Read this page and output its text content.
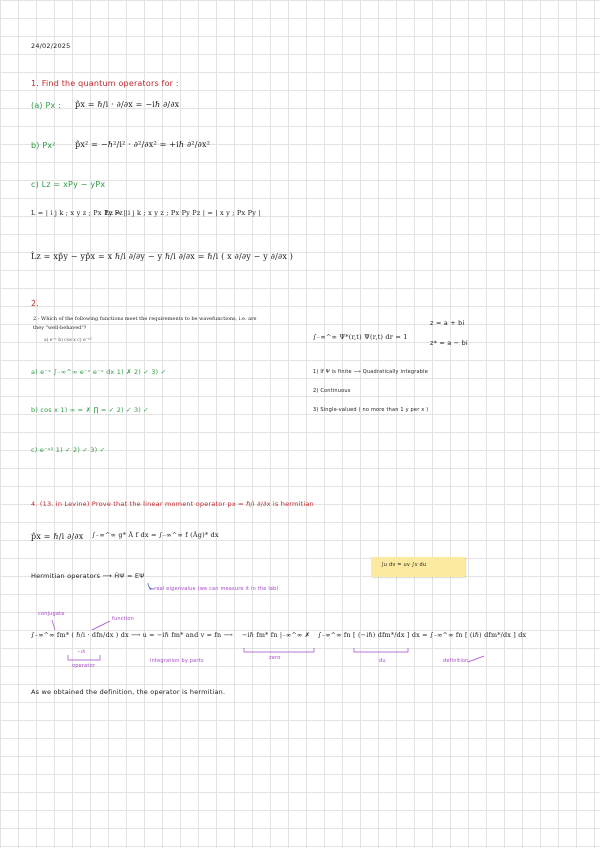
24/02/2025
1. Find the quantum operators for :
(a) Px : p̂x = ℏ/i · ∂/∂x = −iℏ ∂/∂x
b) Px² p̂x² = −ℏ²/i² · ∂²/∂x² = +iℏ ∂²/∂x²
c) Lz = xPy − yPx
L = | i j k ; x y z ; Px Py Pz |
Lz = | i j k ; x y z ; Px Py Pz | = | x y ; Px Py |
L̂z = xp̂y − yp̂x = x ℏ/i ∂/∂y − y ℏ/i ∂/∂x = ℏ/i ( x ∂/∂y − y ∂/∂x )
2.
2.- Which of the following functions meet the requirements to be wavefunctions, i.e. are
they "well-behaved"?
a) e⁻ˣ b) cos x c) e⁻ˣ²	∫₋∞^∞ Ψ*(r,t) Ψ(r,t) dr = 1
z = a + bi
z* = a − bi
a) e⁻ˣ ∫₋∞^∞ e⁻ˣ e⁻ˣ dx 1) ✗ 2) ✓ 3) ✓
b) cos x 1) ∞ = ✗ ∏ = ✓ 2) ✓ 3) ✓
c) e⁻ˣ² 1) ✓ 2) ✓ 3) ✓
1) If Ψ is finite ⟶ Quadratically integrable
2) Continuous
3) Single-valued ( no more than 1 y per x )
4. (13. in Levine) Prove that the linear moment operator px = ℏ/i ∂/∂x is hermitian
p̂x = ℏ/i ∂/∂x ∫₋∞^∞ g* Â f dx = ∫₋∞^∞ f (Âg)* dx
∫u dv = uv ∫v du
Hermitian operators ⟶ ĤΨ = EΨ
↳ real eigenvalue (we can measure it in the lab)
conjugate
function
∫₋∞^∞ fm* ( ℏ/i · dfn/dx ) dx ⟶ u = −iℏ fm* and v = fn ⟶ −iℏ fm* fn |₋∞^∞ ✗ ∫₋∞^∞ fn [ (−iℏ) dfm*/dx ] dx = ∫₋∞^∞ fn [ (iℏ) dfm*/dx ] dx
−iℏ
operator
integration by parts	zero	du	definition
As we obtained the definition, the operator is hermitian.
